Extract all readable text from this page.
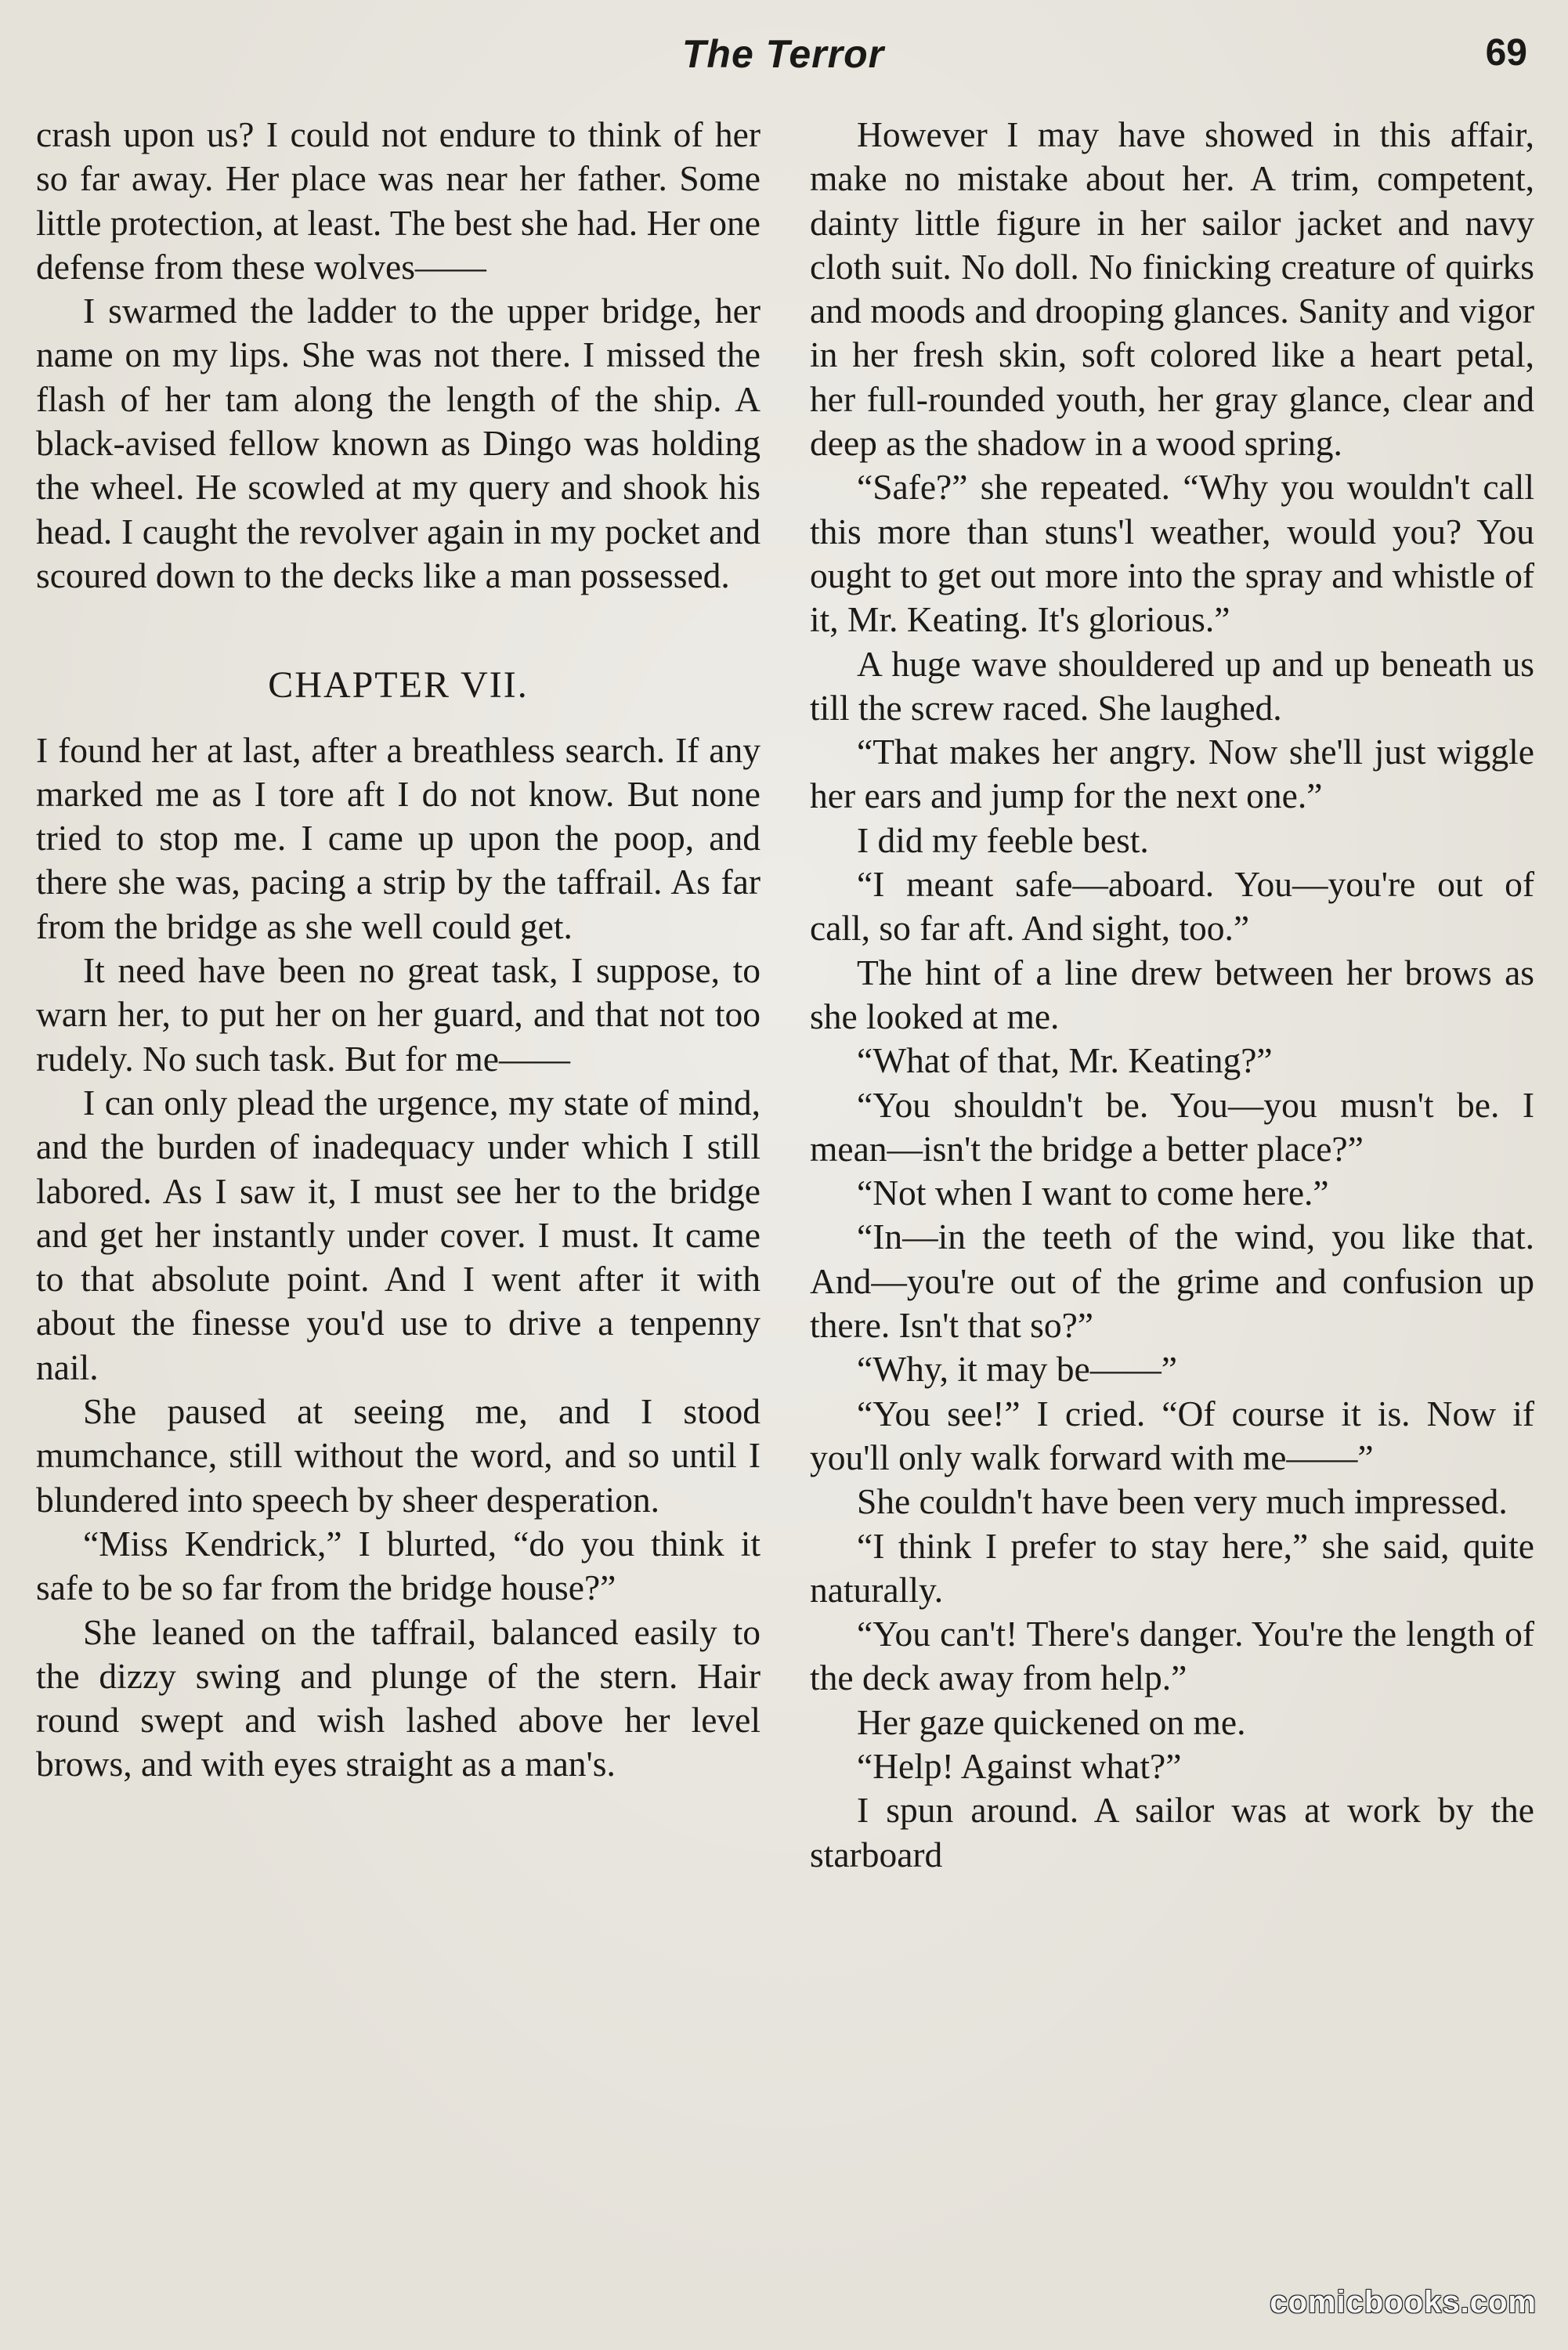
The Terror	69

crash upon us? I could not endure to think of her so far away. Her place was near her father. Some little protection, at least. The best she had. Her one defense from these wolves——

I swarmed the ladder to the upper bridge, her name on my lips. She was not there. I missed the flash of her tam along the length of the ship. A black-avised fellow known as Dingo was holding the wheel. He scowled at my query and shook his head. I caught the revolver again in my pocket and scoured down to the decks like a man possessed.

CHAPTER VII.

I found her at last, after a breathless search. If any marked me as I tore aft I do not know. But none tried to stop me. I came up upon the poop, and there she was, pacing a strip by the taffrail. As far from the bridge as she well could get.

It need have been no great task, I suppose, to warn her, to put her on her guard, and that not too rudely. No such task. But for me——

I can only plead the urgence, my state of mind, and the burden of inadequacy under which I still labored. As I saw it, I must see her to the bridge and get her instantly under cover. I must. It came to that absolute point. And I went after it with about the finesse you'd use to drive a tenpenny nail.

She paused at seeing me, and I stood mumchance, still without the word, and so until I blundered into speech by sheer desperation.

“Miss Kendrick,” I blurted, “do you think it safe to be so far from the bridge house?”

She leaned on the taffrail, balanced easily to the dizzy swing and plunge of the stern. Hair round swept and wish lashed above her level brows, and with eyes straight as a man's.

However I may have showed in this affair, make no mistake about her. A trim, competent, dainty little figure in her sailor jacket and navy cloth suit. No doll. No finicking creature of quirks and moods and drooping glances. Sanity and vigor in her fresh skin, soft colored like a heart petal, her full-rounded youth, her gray glance, clear and deep as the shadow in a wood spring.

“Safe?” she repeated. “Why you wouldn't call this more than stuns'l weather, would you? You ought to get out more into the spray and whistle of it, Mr. Keating. It's glorious.”

A huge wave shouldered up and up beneath us till the screw raced. She laughed.

“That makes her angry. Now she'll just wiggle her ears and jump for the next one.”

I did my feeble best.

“I meant safe—aboard. You—you're out of call, so far aft. And sight, too.”

The hint of a line drew between her brows as she looked at me.

“What of that, Mr. Keating?”

“You shouldn't be. You—you musn't be. I mean—isn't the bridge a better place?”

“Not when I want to come here.”

“In—in the teeth of the wind, you like that. And—you're out of the grime and confusion up there. Isn't that so?”

“Why, it may be——”

“You see!” I cried. “Of course it is. Now if you'll only walk forward with me——”

She couldn't have been very much impressed.

“I think I prefer to stay here,” she said, quite naturally.

“You can't! There's danger. You're the length of the deck away from help.”

Her gaze quickened on me.

“Help! Against what?”

I spun around. A sailor was at work by the starboard

comicbooks.com
